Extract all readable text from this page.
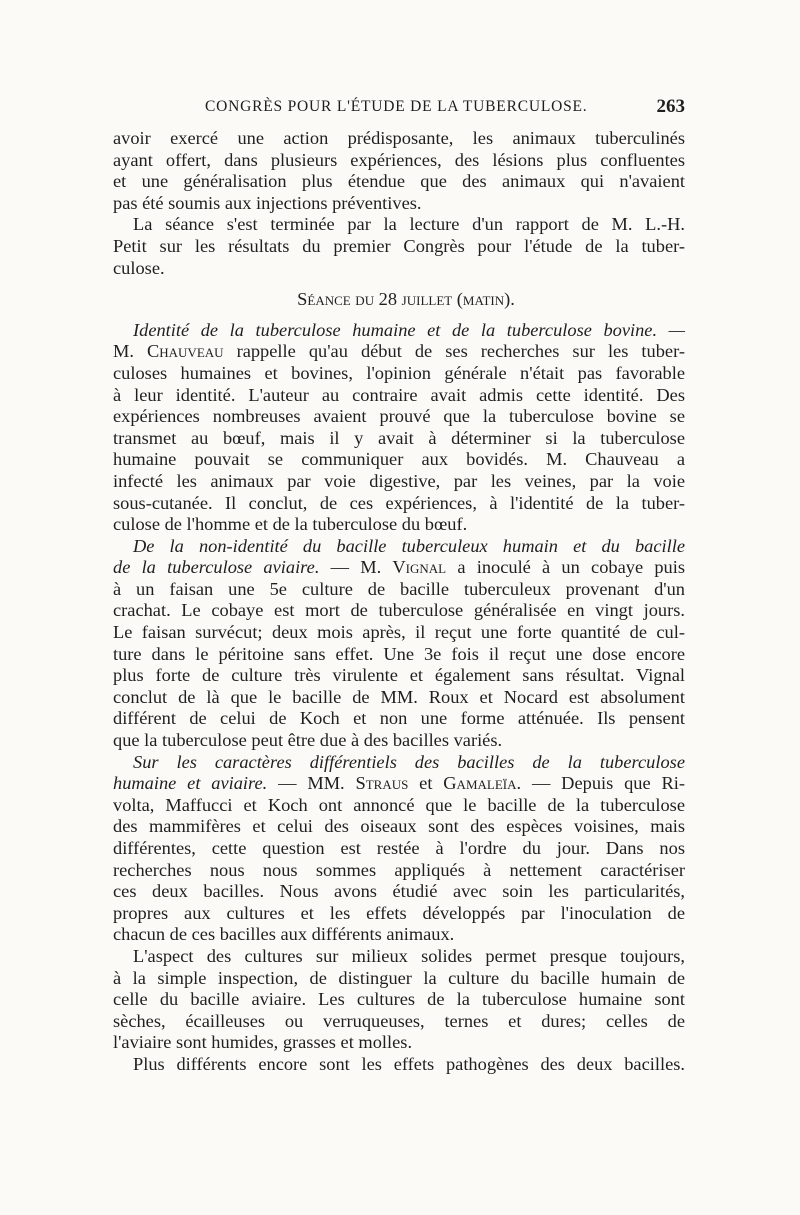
CONGRÈS POUR L'ÉTUDE DE LA TUBERCULOSE.	263
avoir exercé une action prédisposante, les animaux tuberculinés
ayant offert, dans plusieurs expériences, des lésions plus confluentes
et une généralisation plus étendue que des animaux qui n'avaient
pas été soumis aux injections préventives.
La séance s'est terminée par la lecture d'un rapport de M. L.-H.
Petit sur les résultats du premier Congrès pour l'étude de la tuber-
culose.
Séance du 28 juillet (matin).
Identité de la tuberculose humaine et de la tuberculose bovine. —
M. Chauveau rappelle qu'au début de ses recherches sur les tuber-
culoses humaines et bovines, l'opinion générale n'était pas favorable
à leur identité. L'auteur au contraire avait admis cette identité. Des
expériences nombreuses avaient prouvé que la tuberculose bovine se
transmet au bœuf, mais il y avait à déterminer si la tuberculose
humaine pouvait se communiquer aux bovidés. M. Chauveau a
infecté les animaux par voie digestive, par les veines, par la voie
sous-cutanée. Il conclut, de ces expériences, à l'identité de la tuber-
culose de l'homme et de la tuberculose du bœuf.
De la non-identité du bacille tuberculeux humain et du bacille
de la tuberculose aviaire. — M. Vignal a inoculé à un cobaye puis
à un faisan une 5e culture de bacille tuberculeux provenant d'un
crachat. Le cobaye est mort de tuberculose généralisée en vingt jours.
Le faisan survécut; deux mois après, il reçut une forte quantité de cul-
ture dans le péritoine sans effet. Une 3e fois il reçut une dose encore
plus forte de culture très virulente et également sans résultat. Vignal
conclut de là que le bacille de MM. Roux et Nocard est absolument
différent de celui de Koch et non une forme atténuée. Ils pensent
que la tuberculose peut être due à des bacilles variés.
Sur les caractères différentiels des bacilles de la tuberculose
humaine et aviaire. — MM. Straus et Gamaleïa. — Depuis que Ri-
volta, Maffucci et Koch ont annoncé que le bacille de la tuberculose
des mammifères et celui des oiseaux sont des espèces voisines, mais
différentes, cette question est restée à l'ordre du jour. Dans nos
recherches nous nous sommes appliqués à nettement caractériser
ces deux bacilles. Nous avons étudié avec soin les particularités,
propres aux cultures et les effets développés par l'inoculation de
chacun de ces bacilles aux différents animaux.
L'aspect des cultures sur milieux solides permet presque toujours,
à la simple inspection, de distinguer la culture du bacille humain de
celle du bacille aviaire. Les cultures de la tuberculose humaine sont
sèches, écailleuses ou verruqueuses, ternes et dures; celles de
l'aviaire sont humides, grasses et molles.
Plus différents encore sont les effets pathogènes des deux bacilles.
